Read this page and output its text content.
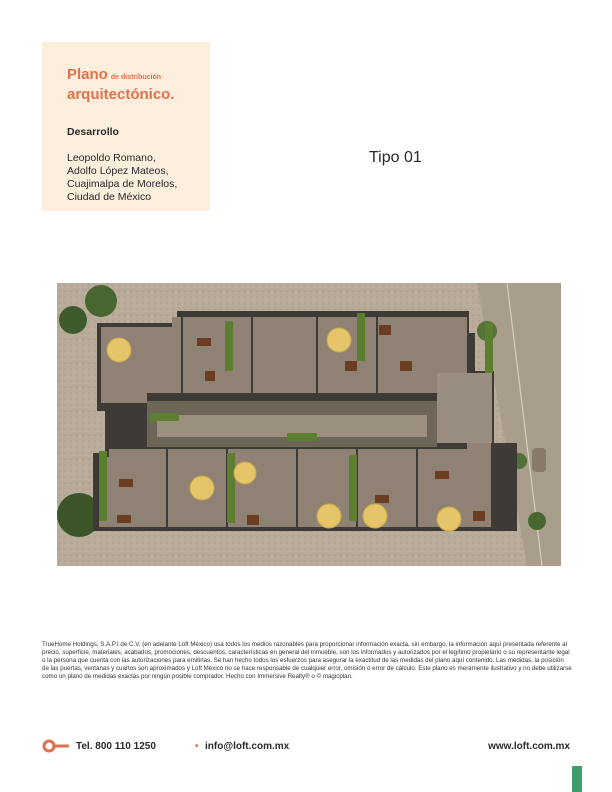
Plano de distribución
arquitectónico.
Desarrollo
Leopoldo Romano,
Adolfo López Mateos,
Cuajimalpa de Morelos,
Ciudad de México
Tipo 01
TrueHome Holdings, S.A.P.I de C.V. (en adelante Loft México) usa todos los medios razonables para proporcionar información exacta, sin embargo, la información aquí presentada referente al precio, superficie, materiales, acabados, promociones, descuentos, características en general del inmueble, son los informados y autorizados por el legítimo propietario o su representante legal o la persona que cuenta con las autorizaciones para emitirlas. Se han hecho todos los esfuerzos para asegurar la exactitud de las medidas del plano aquí contenido. Las medidas, la posición de las puertas, ventanas y cuartos son aproximados y Loft México no se hace responsable de cualquier error, omisión o error de cálculo. Este plano es meramente ilustrativo y no debe utilizarse como un plano de medidas exactas por ningún posible comprador. Hecho con Immersive Realty® o © magicplan.
Tel. 800 110 1250	• info@loft.com.mx	www.loft.com.mx
